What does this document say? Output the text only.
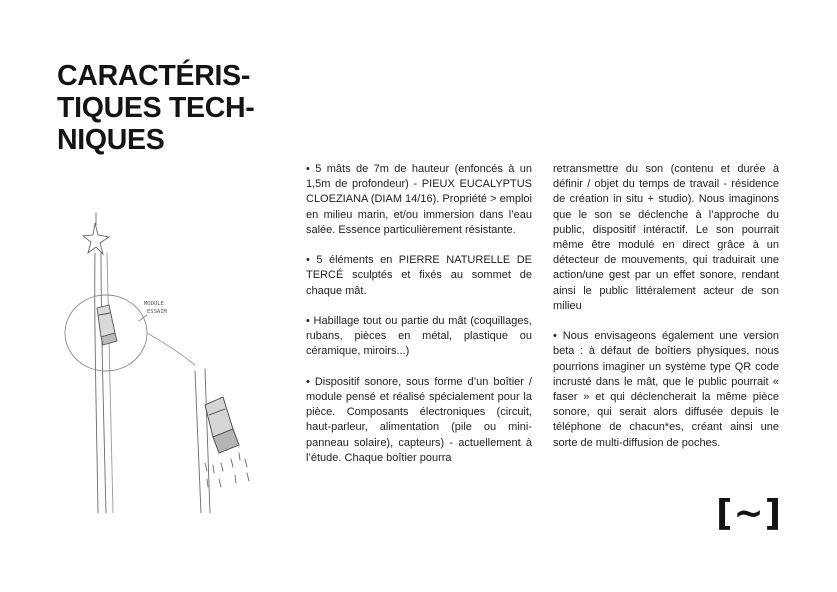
CARACTÉRIS-
TIQUES TECH-
NIQUES
MODULE
ESSAIM

• 5 mâts de 7m de hauteur (enfoncés à un 1,5m de profondeur) - PIEUX EUCALYPTUS CLOEZIANA (DIAM 14/16). Propriété > emploi en milieu marin, et/ou immersion dans l’eau salée. Essence particulièrement résistante.

• 5 éléments en PIERRE NATURELLE DE TERCÉ sculptés et fixés au sommet de chaque mât.

• Habillage tout ou partie du mât (coquillages, rubans, pièces en métal, plastique ou céramique, miroirs...)

• Dispositif sonore, sous forme d’un boîtier / module pensé et réalisé spécialement pour la pièce. Composants électroniques (circuit, haut-parleur, alimentation (pile ou mini-panneau solaire), capteurs) - actuellement à l’étude. Chaque boîtier pourra

retransmettre du son (contenu et durée à définir / objet du temps de travail - résidence de création in situ + studio). Nous imaginons que le son se déclenche à l’approche du public, dispositif intéractif. Le son pourrait même être modulé en direct grâce à un détecteur de mouvements, qui traduirait une action/une gest par un effet sonore, rendant ainsi le public littéralement acteur de son milieu

• Nous envisageons également une version beta : à défaut de boîtiers physiques, nous pourrions imaginer un système type QR code incrusté dans le mât, que le public pourrait « faser » et qui déclencherait la même pièce sonore, qui serait alors diffusée depuis le téléphone de chacun*es, créant ainsi une sorte de multi-diffusion de poches.

[~]
